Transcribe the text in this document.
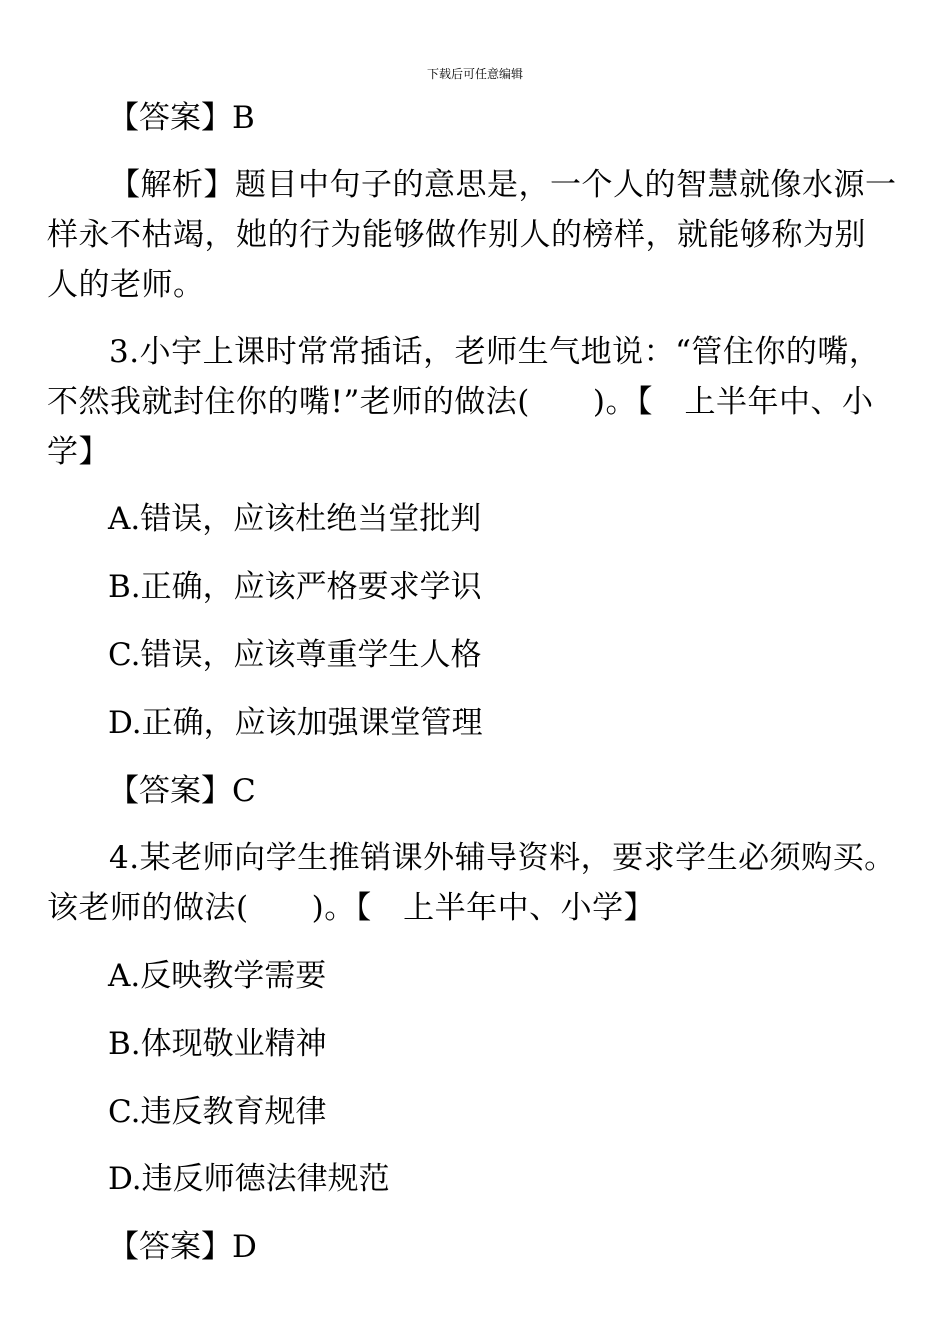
下载后可任意编辑
【答案】B
【解析】题目中句子的意思是，一个人的智慧就像水源一样永不枯竭，她的行为能够做作别人的榜样，就能够称为别人的老师。
3.小宇上课时常常插话，老师生气地说：“管住你的嘴，不然我就封住你的嘴!”老师的做法(　　)。【　上半年中、小学】
A.错误，应该杜绝当堂批判
B.正确，应该严格要求学识
C.错误，应该尊重学生人格
D.正确，应该加强课堂管理
【答案】C
4.某老师向学生推销课外辅导资料，要求学生必须购买。该老师的做法(　　)。【　上半年中、小学】
A.反映教学需要
B.体现敬业精神
C.违反教育规律
D.违反师德法律规范
【答案】D
